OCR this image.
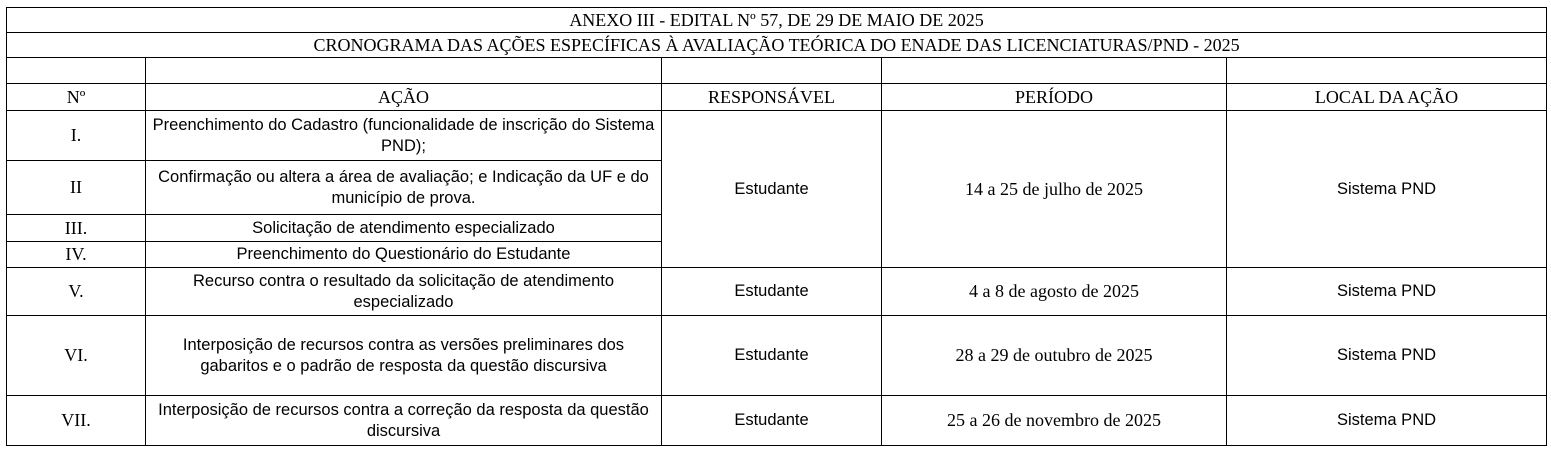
ANEXO III - EDITAL Nº 57, DE 29 DE MAIO DE 2025				
CRONOGRAMA DAS AÇÕES ESPECÍFICAS À AVALIAÇÃO TEÓRICA DO ENADE DAS LICENCIATURAS/PND - 2025				

Nº	AÇÃO	RESPONSÁVEL	PERÍODO	LOCAL DA AÇÃO
I.	Preenchimento do Cadastro (funcionalidade de inscrição do Sistema PND);	Estudante	14 a 25 de julho de 2025	Sistema PND
II	Confirmação ou altera a área de avaliação; e Indicação da UF e do município de prova.			
III.	Solicitação de atendimento especializado			
IV.	Preenchimento do Questionário do Estudante			
V.	Recurso contra o resultado da solicitação de atendimento especializado	Estudante	4 a 8 de agosto de 2025	Sistema PND
VI.	Interposição de recursos contra as versões preliminares dos gabaritos e o padrão de resposta da questão discursiva	Estudante	28 a 29 de outubro de 2025	Sistema PND
VII.	Interposição de recursos contra a correção da resposta da questão discursiva	Estudante	25 a 26 de novembro de 2025	Sistema PND
